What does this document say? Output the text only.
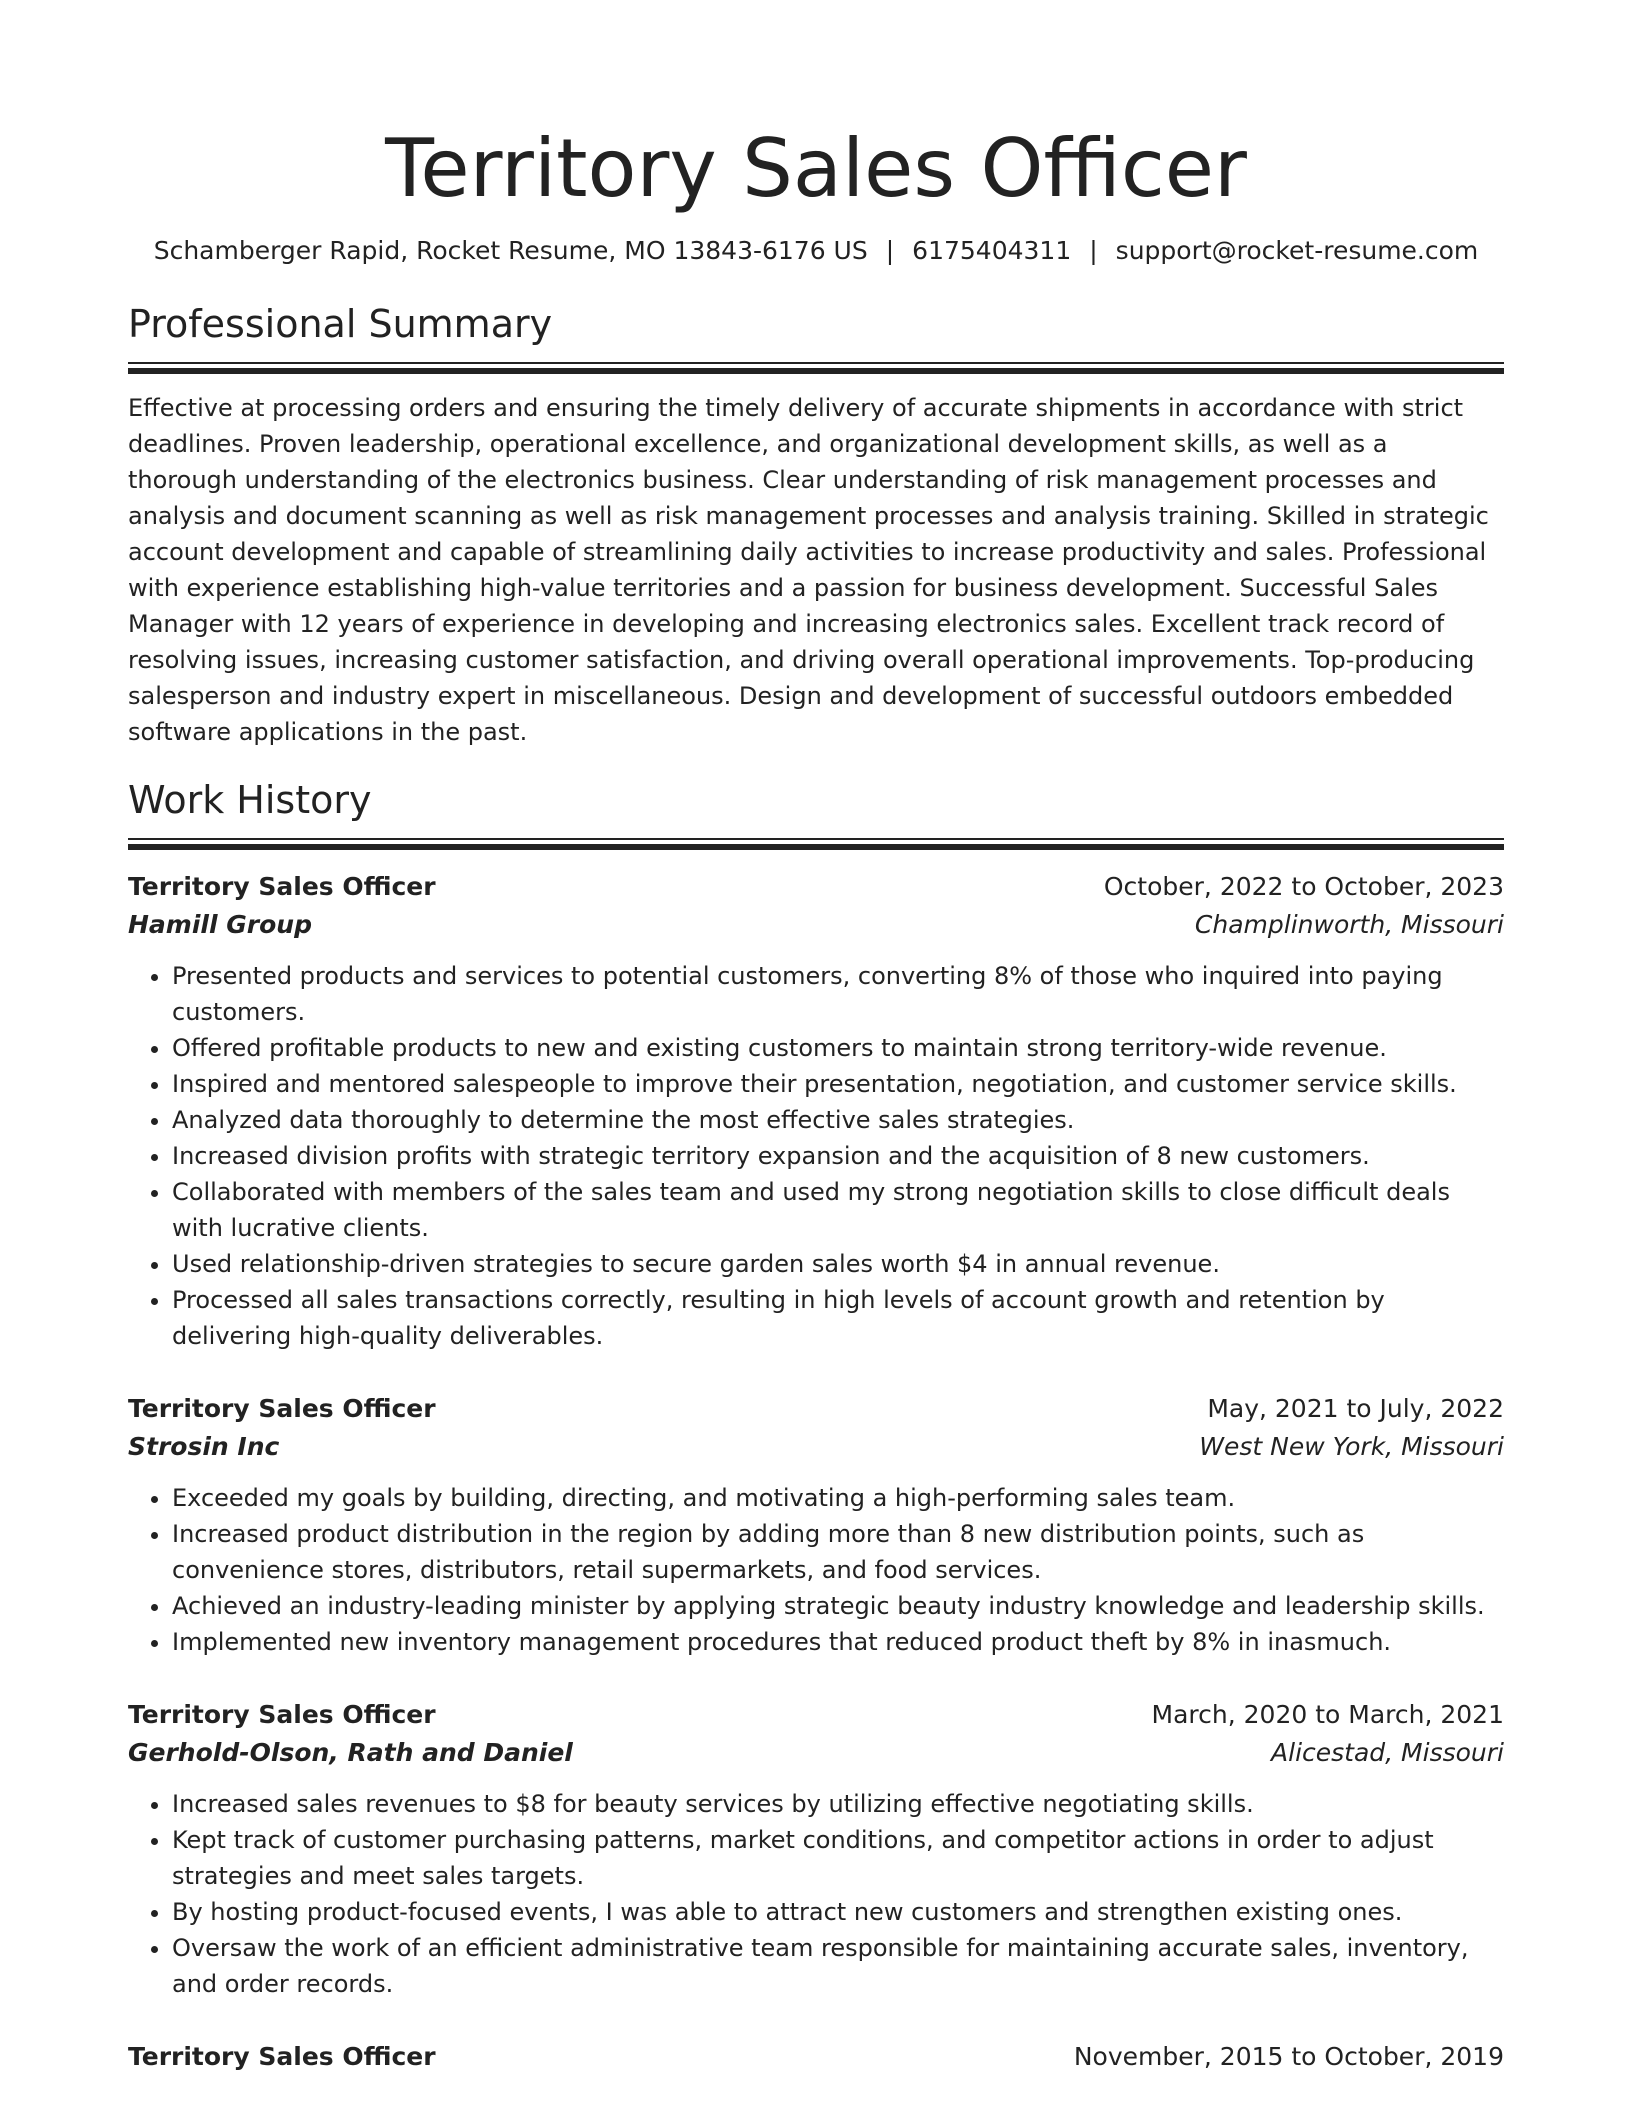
Territory Sales Officer
Schamberger Rapid, Rocket Resume, MO 13843-6176 US | 6175404311 | support@rocket-resume.com
Professional Summary

Effective at processing orders and ensuring the timely delivery of accurate shipments in accordance with strict deadlines. Proven leadership, operational excellence, and organizational development skills, as well as a thorough understanding of the electronics business. Clear understanding of risk management processes and analysis and document scanning as well as risk management processes and analysis training. Skilled in strategic account development and capable of streamlining daily activities to increase productivity and sales. Professional with experience establishing high-value territories and a passion for business development. Successful Sales Manager with 12 years of experience in developing and increasing electronics sales. Excellent track record of resolving issues, increasing customer satisfaction, and driving overall operational improvements. Top-producing salesperson and industry expert in miscellaneous. Design and development of successful outdoors embedded software applications in the past.

Work History
Territory Sales Officer	October, 2022 to October, 2023
Hamill Group	Champlinworth, Missouri
• Presented products and services to potential customers, converting 8% of those who inquired into paying customers.
• Offered profitable products to new and existing customers to maintain strong territory-wide revenue.
• Inspired and mentored salespeople to improve their presentation, negotiation, and customer service skills.
• Analyzed data thoroughly to determine the most effective sales strategies.
• Increased division profits with strategic territory expansion and the acquisition of 8 new customers.
• Collaborated with members of the sales team and used my strong negotiation skills to close difficult deals with lucrative clients.
• Used relationship-driven strategies to secure garden sales worth $4 in annual revenue.
• Processed all sales transactions correctly, resulting in high levels of account growth and retention by delivering high-quality deliverables.
Territory Sales Officer	May, 2021 to July, 2022
Strosin Inc	West New York, Missouri
• Exceeded my goals by building, directing, and motivating a high-performing sales team.
• Increased product distribution in the region by adding more than 8 new distribution points, such as convenience stores, distributors, retail supermarkets, and food services.
• Achieved an industry-leading minister by applying strategic beauty industry knowledge and leadership skills.
• Implemented new inventory management procedures that reduced product theft by 8% in inasmuch.
Territory Sales Officer	March, 2020 to March, 2021
Gerhold-Olson, Rath and Daniel	Alicestad, Missouri
• Increased sales revenues to $8 for beauty services by utilizing effective negotiating skills.
• Kept track of customer purchasing patterns, market conditions, and competitor actions in order to adjust strategies and meet sales targets.
• By hosting product-focused events, I was able to attract new customers and strengthen existing ones.
• Oversaw the work of an efficient administrative team responsible for maintaining accurate sales, inventory, and order records.
Territory Sales Officer	November, 2015 to October, 2019
